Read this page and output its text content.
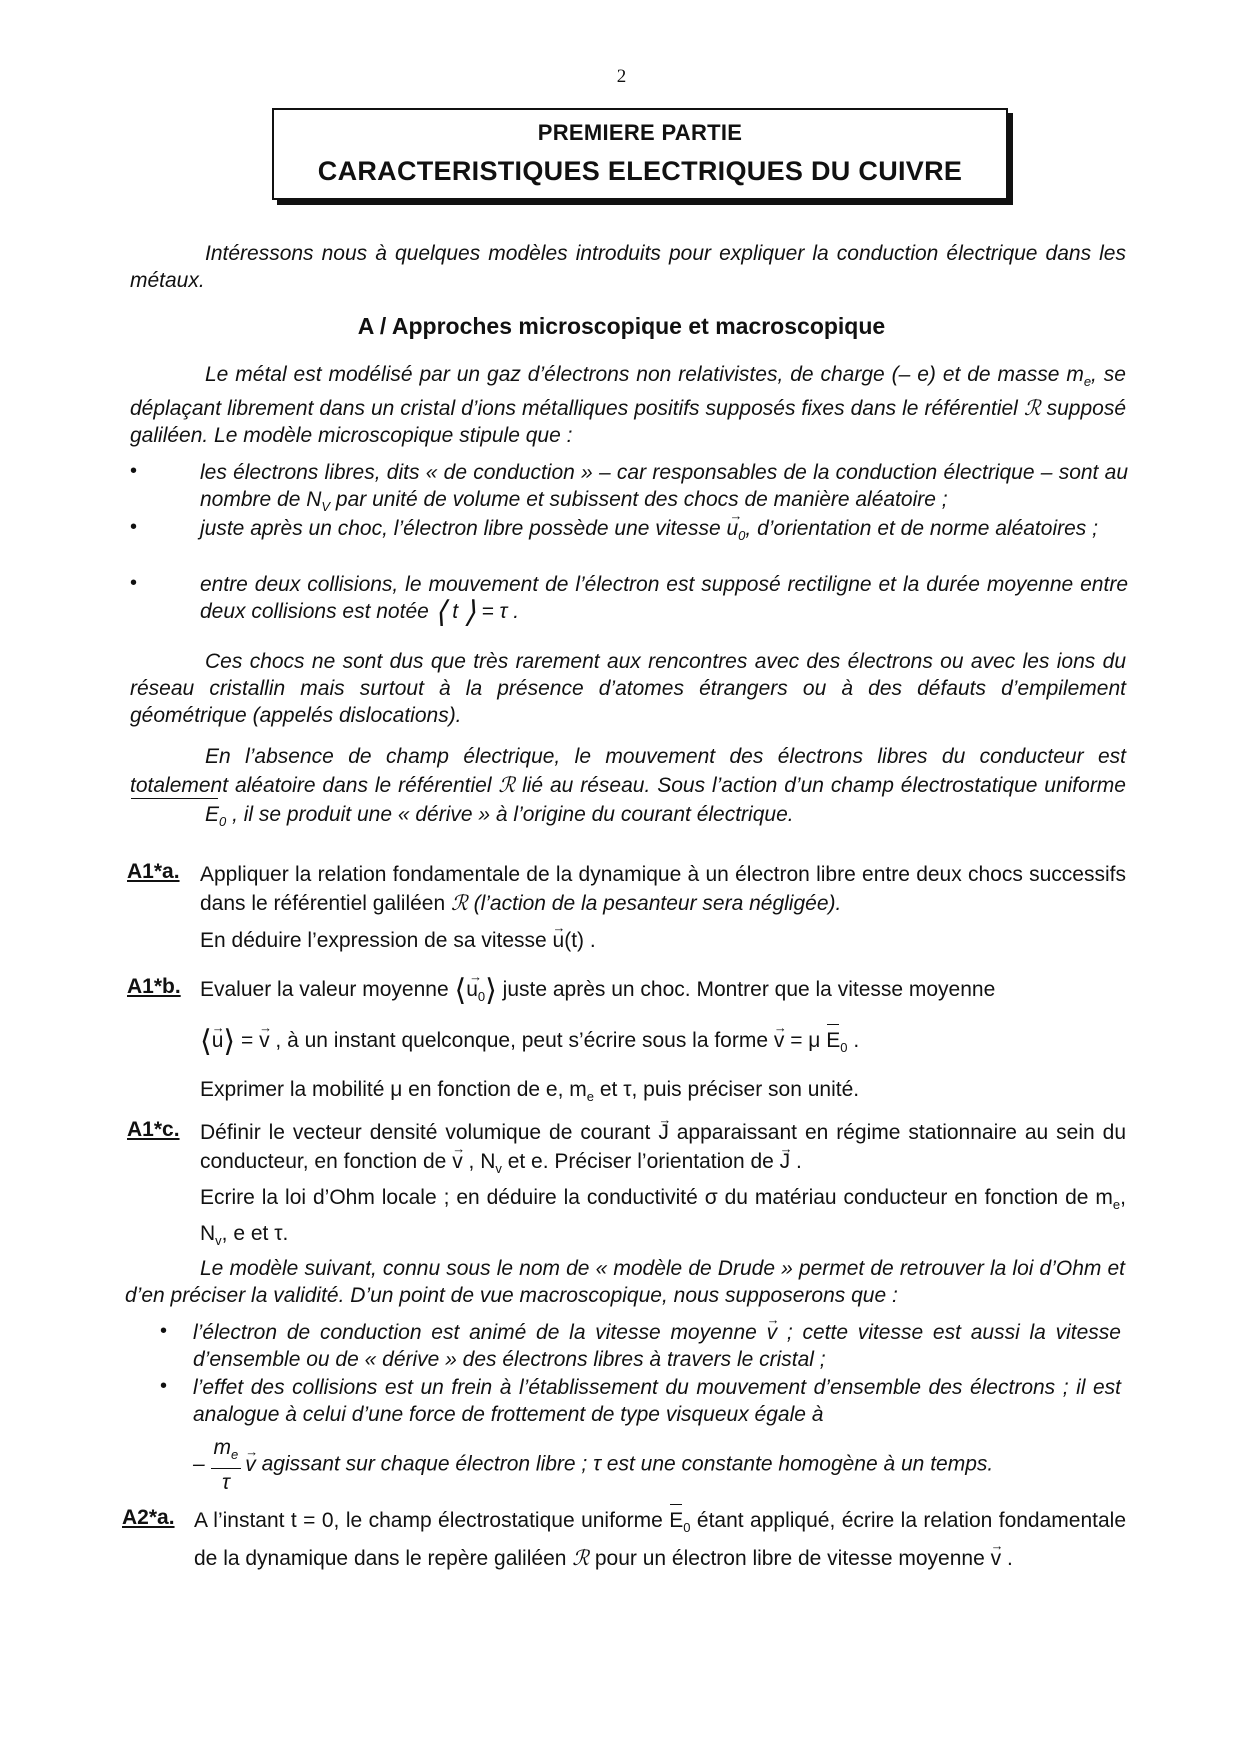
2
PREMIERE PARTIE
CARACTERISTIQUES ELECTRIQUES DU CUIVRE
Intéressons nous à quelques modèles introduits pour expliquer la conduction électrique dans les métaux.
A / Approches microscopique et macroscopique
Le métal est modélisé par un gaz d’électrons non relativistes, de charge (– e) et de masse $m_e$, se déplaçant librement dans un cristal d’ions métalliques positifs supposés fixes dans le référentiel ℛ supposé galiléen. Le modèle microscopique stipule que :
•	les électrons libres, dits « de conduction » – car responsables de la conduction électrique – sont au nombre de $N_V$ par unité de volume et subissent des chocs de manière aléatoire ;
•	juste après un choc, l’électron libre possède une vitesse → $u_0$, d’orientation et de norme aléatoires ;
•	entre deux collisions, le mouvement de l’électron est supposé rectiligne et la durée moyenne entre deux collisions est notée ⟨ t ⟩ = τ .
Ces chocs ne sont dus que très rarement aux rencontres avec des électrons ou avec les ions du réseau cristallin mais surtout à la présence d’atomes étrangers ou à des défauts d’empilement géométrique (appelés dislocations).
En l’absence de champ électrique, le mouvement des électrons libres du conducteur est totalement aléatoire dans le référentiel ℛ lié au réseau. Sous l’action d’un champ électrostatique uniforme $E_0$ , il se produit une « dérive » à l’origine du courant électrique.
A1*a. Appliquer la relation fondamentale de la dynamique à un électron libre entre deux chocs successifs dans le référentiel galiléen ℛ (l’action de la pesanteur sera négligée).
En déduire l’expression de sa vitesse → u(t) .
A1*b. Evaluer la valeur moyenne ⟨→ $u_0⟩$ juste après un choc. Montrer que la vitesse moyenne
⟨→ u⟩ = → v , à un instant quelconque, peut s’écrire sous la forme → v = μ $E_0$ .
Exprimer la mobilité μ en fonction de e, $m_e$ et τ, puis préciser son unité.
A1*c. Définir le vecteur densité volumique de courant → J apparaissant en régime stationnaire au sein du conducteur, en fonction de → v , $N_v$ et e. Préciser l’orientation de → J .
Ecrire la loi d’Ohm locale ; en déduire la conductivité σ du matériau conducteur en fonction de $m_e$, $N_v$, e et τ.
Le modèle suivant, connu sous le nom de « modèle de Drude » permet de retrouver la loi d’Ohm et d’en préciser la validité. D’un point de vue macroscopique, nous supposerons que :
• l’électron de conduction est animé de la vitesse moyenne → v ; cette vitesse est aussi la vitesse d’ensemble ou de « dérive » des électrons libres à travers le cristal ;
• l’effet des collisions est un frein à l’établissement du mouvement d’ensemble des électrons ; il est analogue à celui d’une force de frottement de type visqueux égale à
– $\frac{m_e}{\tau}$
→ v agissant sur chaque électron libre ; τ est une constante homogène à un temps.
A2*a. A l’instant t = 0, le champ électrostatique uniforme $E_0$ étant appliqué, écrire la relation fondamentale de la dynamique dans le repère galiléen ℛ pour un électron libre de vitesse moyenne → v .
